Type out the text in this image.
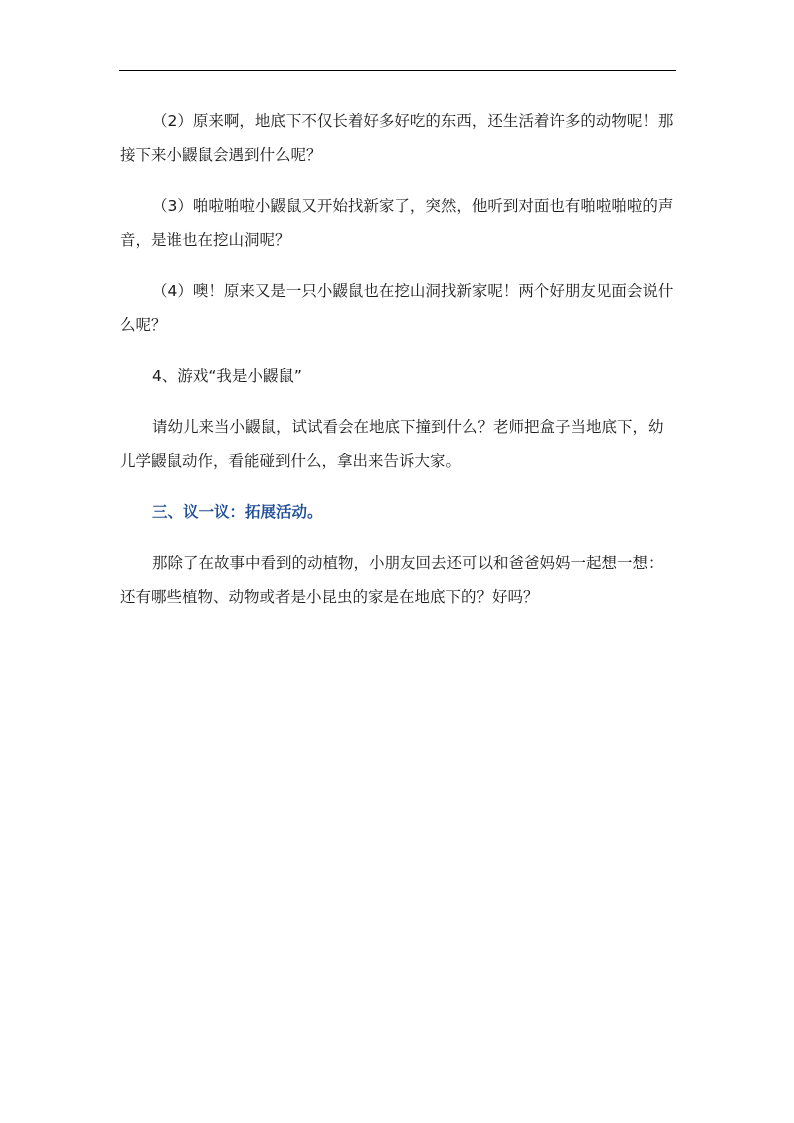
（2）原来啊，地底下不仅长着好多好吃的东西，还生活着许多的动物呢！那接下来小鼹鼠会遇到什么呢？

（3）啪啦啪啦小鼹鼠又开始找新家了，突然，他听到对面也有啪啦啪啦的声音，是谁也在挖山洞呢？

（4）噢！原来又是一只小鼹鼠也在挖山洞找新家呢！两个好朋友见面会说什么呢？

4、游戏“我是小鼹鼠”

请幼儿来当小鼹鼠，试试看会在地底下撞到什么？老师把盒子当地底下，幼儿学鼹鼠动作，看能碰到什么，拿出来告诉大家。

三、议一议：拓展活动。

那除了在故事中看到的动植物，小朋友回去还可以和爸爸妈妈一起想一想：还有哪些植物、动物或者是小昆虫的家是在地底下的？好吗？
